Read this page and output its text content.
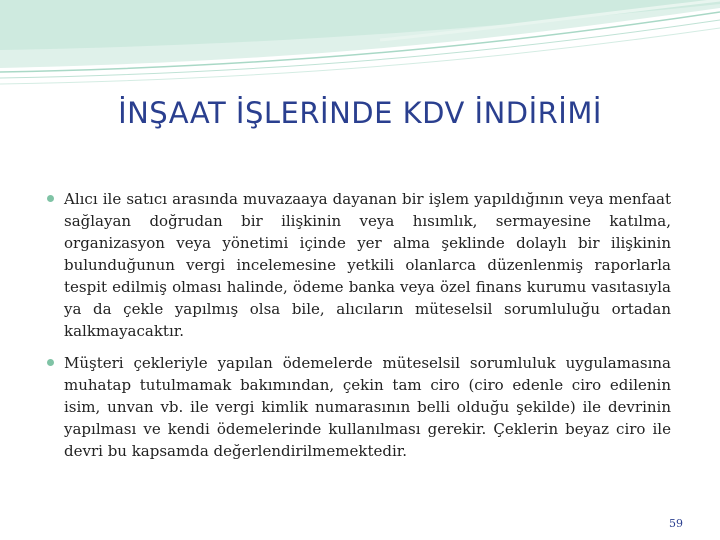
İNŞAAT İŞLERİNDE KDV İNDİRİMİ
Alıcı ile satıcı arasında muvazaaya dayanan bir işlem yapıldığının veya menfaat sağlayan doğrudan bir ilişkinin veya hısımlık, sermayesine katılma, organizasyon veya yönetimi içinde yer alma şeklinde dolaylı bir ilişkinin bulunduğunun vergi incelemesine yetkili olanlarca düzenlenmiş raporlarla tespit edilmiş olması halinde, ödeme banka veya özel finans kurumu vasıtasıyla ya da çekle yapılmış olsa bile, alıcıların müteselsil sorumluluğu ortadan kalkmayacaktır.
Müşteri çekleriyle yapılan ödemelerde müteselsil sorumluluk uygulamasına muhatap tutulmamak bakımından, çekin tam ciro (ciro edenle ciro edilenin isim, unvan vb. ile vergi kimlik numarasının belli olduğu şekilde) ile devrinin yapılması ve kendi ödemelerinde kullanılması gerekir. Çeklerin beyaz ciro ile devri bu kapsamda değerlendirilmemektedir.
59
